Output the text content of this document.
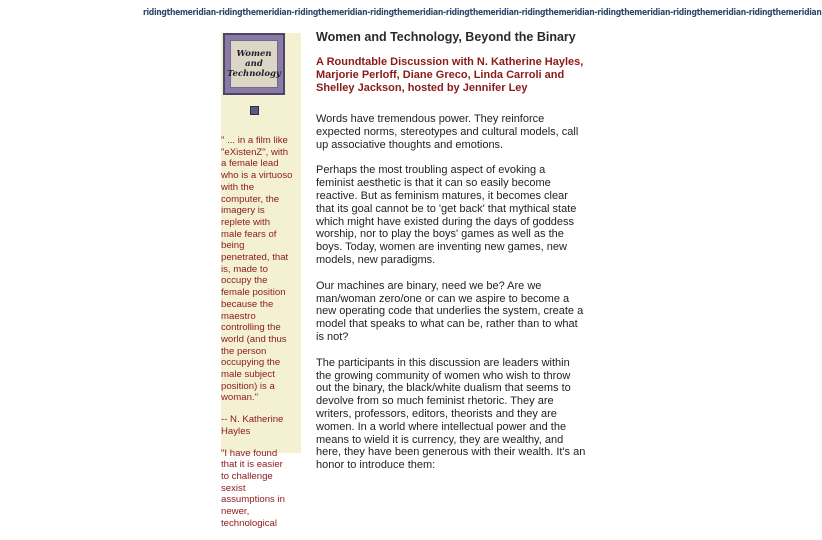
ridingthemeridian-ridingthemeridian-ridingthemeridian-ridingthemeridian-ridingthemeridian-ridingthemeridian-ridingthemeridian-ridingthemeridian-ridingthemeridian
Women
and
Technology

" ... in a film like "eXistenZ", with a female lead who is a virtuoso with the computer, the imagery is replete with male fears of being penetrated, that is, made to occupy the female position because the maestro controlling the world (and thus the person occupying the male subject position) is a woman."

-- N. Katherine Hayles

"I have found that it is easier to challenge sexist assumptions in newer, technological

Women and Technology, Beyond the Binary
A Roundtable Discussion with N. Katherine Hayles, Marjorie Perloff, Diane Greco, Linda Carroli and Shelley Jackson, hosted by Jennifer Ley

Words have tremendous power. They reinforce expected norms, stereotypes and cultural models, call up associative thoughts and emotions.

Perhaps the most troubling aspect of evoking a feminist aesthetic is that it can so easily become reactive. But as feminism matures, it becomes clear that its goal cannot be to 'get back' that mythical state which might have existed during the days of goddess worship, nor to play the boys' games as well as the boys. Today, women are inventing new games, new models, new paradigms.

Our machines are binary, need we be? Are we man/woman zero/one or can we aspire to become a new operating code that underlies the system, create a model that speaks to what can be, rather than to what is not?

The participants in this discussion are leaders within the growing community of women who wish to throw out the binary, the black/white dualism that seems to devolve from so much feminist rhetoric. They are writers, professors, editors, theorists and they are women. In a world where intellectual power and the means to wield it is currency, they are wealthy, and here, they have been generous with their wealth. It's an honor to introduce them:
